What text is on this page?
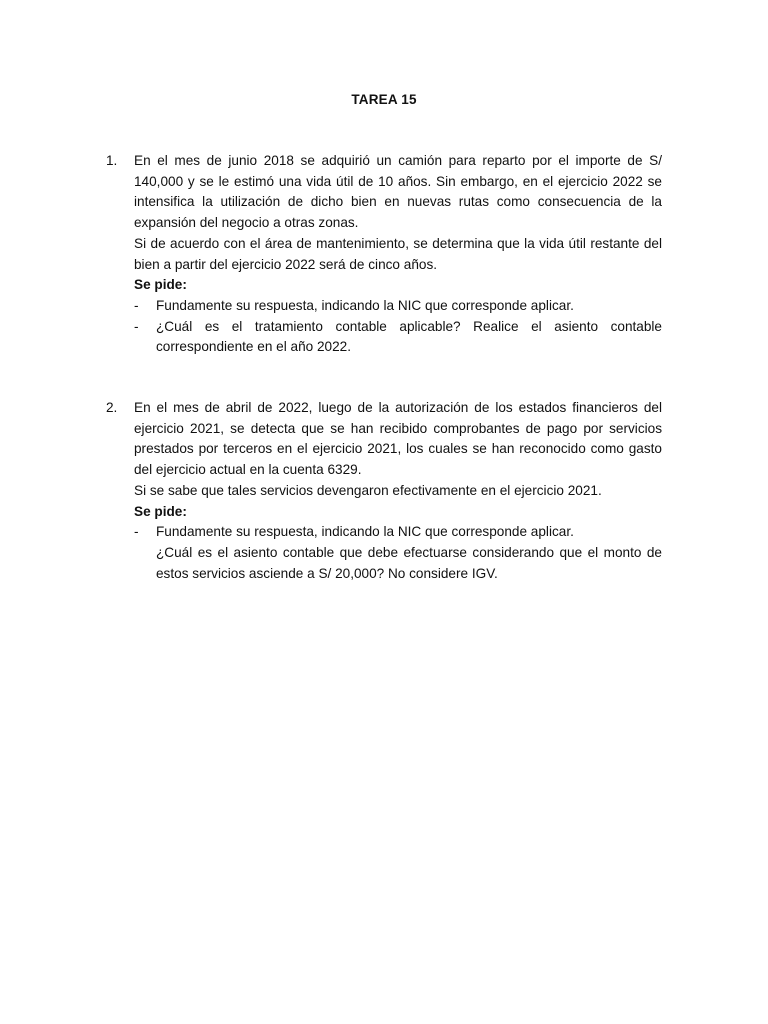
TAREA 15
1.	En el mes de junio 2018 se adquirió un camión para reparto por el importe de S/ 140,000 y se le estimó una vida útil de 10 años. Sin embargo, en el ejercicio 2022 se intensifica la utilización de dicho bien en nuevas rutas como consecuencia de la expansión del negocio a otras zonas.

Si de acuerdo con el área de mantenimiento, se determina que la vida útil restante del bien a partir del ejercicio 2022 será de cinco años.

Se pide:

- Fundamente su respuesta, indicando la NIC que corresponde aplicar.
- ¿Cuál es el tratamiento contable aplicable? Realice el asiento contable correspondiente en el año 2022.
2.	En el mes de abril de 2022, luego de la autorización de los estados financieros del ejercicio 2021, se detecta que se han recibido comprobantes de pago por servicios prestados por terceros en el ejercicio 2021, los cuales se han reconocido como gasto del ejercicio actual en la cuenta 6329.

Si se sabe que tales servicios devengaron efectivamente en el ejercicio 2021.

Se pide:

- Fundamente su respuesta, indicando la NIC que corresponde aplicar.

¿Cuál es el asiento contable que debe efectuarse considerando que el monto de estos servicios asciende a S/ 20,000? No considere IGV.
